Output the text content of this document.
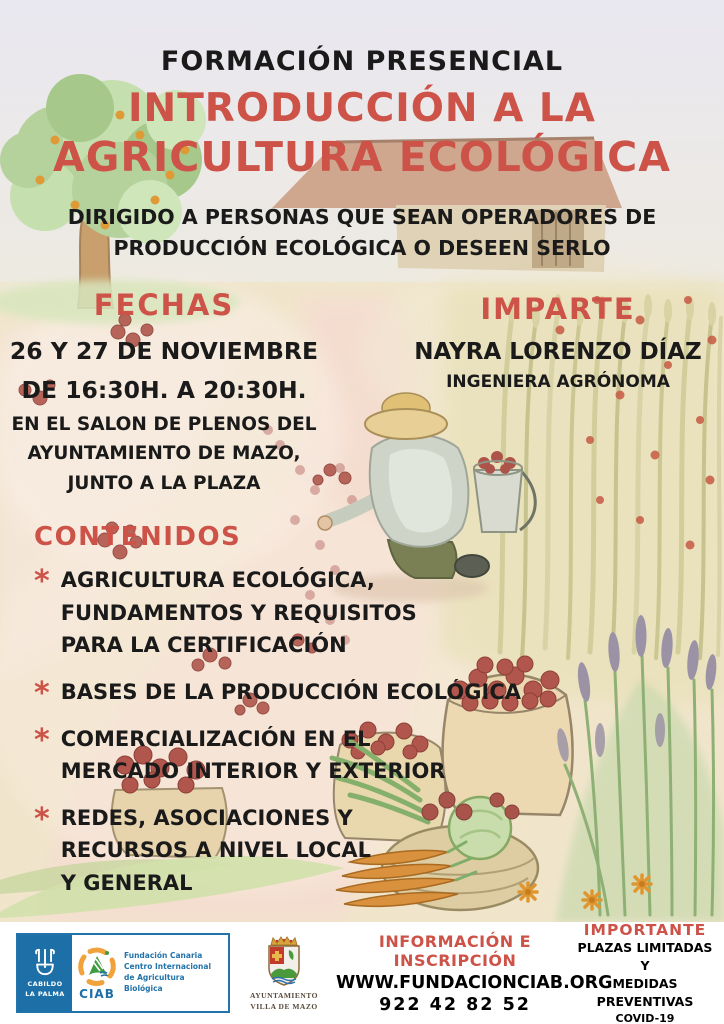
FORMACIÓN PRESENCIAL
INTRODUCCIÓN A LA
AGRICULTURA ECOLÓGICA
DIRIGIDO A PERSONAS QUE SEAN OPERADORES DE
PRODUCCIÓN ECOLÓGICA O DESEEN SERLO
FECHAS
26 Y 27 DE NOVIEMBRE
DE 16:30H. A 20:30H.
EN EL SALON DE PLENOS DEL
AYUNTAMIENTO DE MAZO,
JUNTO A LA PLAZA
IMPARTE
NAYRA LORENZO DÍAZ
INGENIERA AGRÓNOMA
CONTENIDOS
* AGRICULTURA ECOLÓGICA,
FUNDAMENTOS Y REQUISITOS
PARA LA CERTIFICACIÓN
* BASES DE LA PRODUCCIÓN ECOLÓGICA
* COMERCIALIZACIÓN EN EL
MERCADO INTERIOR Y EXTERIOR
* REDES, ASOCIACIONES Y
RECURSOS A NIVEL LOCAL
Y GENERAL
CABILDO
LA PALMA CIAB
Fundación Canaria
Centro Internacional
de Agricultura Biológica
AYUNTAMIENTO
VILLA DE MAZO
INFORMACIÓN E INSCRIPCIÓN
WWW.FUNDACIONCIAB.ORG
922 42 82 52
IMPORTANTE
PLAZAS LIMITADAS Y
MEDIDAS PREVENTIVAS
COVID-19
